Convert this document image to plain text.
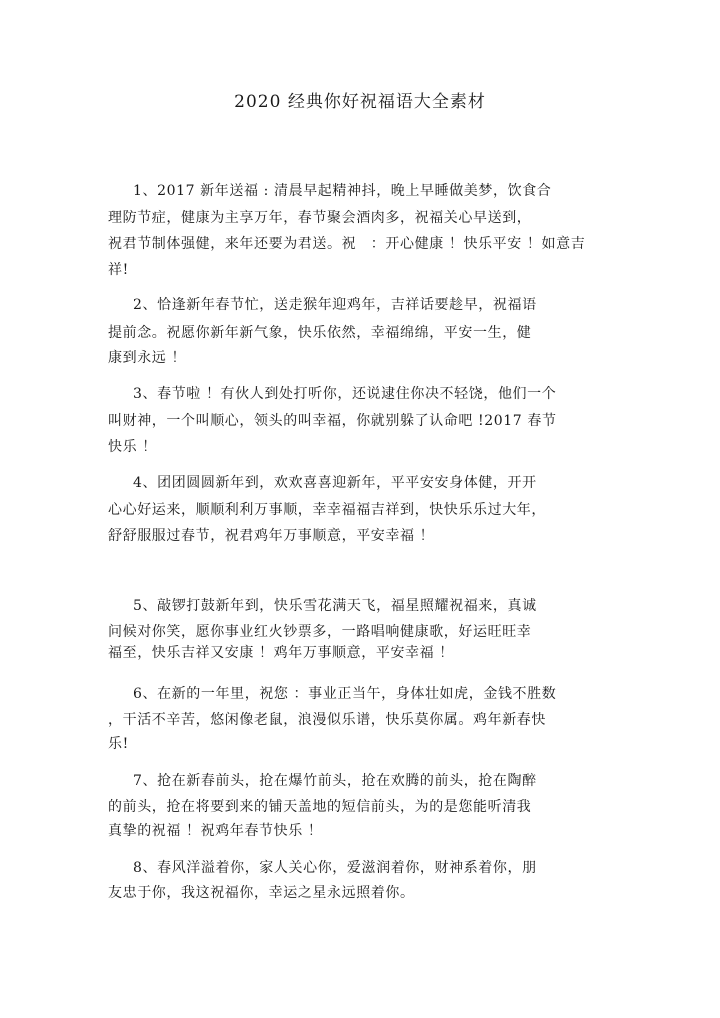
2020 经典你好祝福语大全素材
1、2017 新年送福 : 清晨早起精神抖，晚上早睡做美梦，饮食合
理防节症，健康为主享万年，春节聚会酒肉多，祝福关心早送到，
祝君节制体强健，来年还要为君送。祝　：开心健康 ！快乐平安 ！如意吉
祥!
2、恰逢新年春节忙，送走猴年迎鸡年，吉祥话要趁早，祝福语
提前念。祝愿你新年新气象，快乐依然，幸福绵绵，平安一生，健
康到永远 ！
3、春节啦 ！有伙人到处打听你，还说逮住你决不轻饶，他们一个
叫财神，一个叫顺心，领头的叫幸福，你就别躲了认命吧 !2017 春节
快乐 ！
4、团团圆圆新年到，欢欢喜喜迎新年，平平安安身体健，开开
心心好运来，顺顺利利万事顺，幸幸福福吉祥到，快快乐乐过大年，
舒舒服服过春节，祝君鸡年万事顺意，平安幸福 ！
5、敲锣打鼓新年到，快乐雪花满天飞，福星照耀祝福来，真诚
问候对你笑，愿你事业红火钞票多，一路唱响健康歌，好运旺旺幸
福至，快乐吉祥又安康 ！鸡年万事顺意，平安幸福 ！
6、在新的一年里，祝您 ：事业正当午，身体壮如虎，金钱不胜数
，干活不辛苦，悠闲像老鼠，浪漫似乐谱，快乐莫你属。鸡年新春快
乐!
7、抢在新春前头，抢在爆竹前头，抢在欢腾的前头，抢在陶醉
的前头，抢在将要到来的铺天盖地的短信前头，为的是您能听清我
真挚的祝福 ！祝鸡年春节快乐 ！
8、春风洋溢着你，家人关心你，爱滋润着你，财神系着你，朋
友忠于你，我这祝福你，幸运之星永远照着你。
